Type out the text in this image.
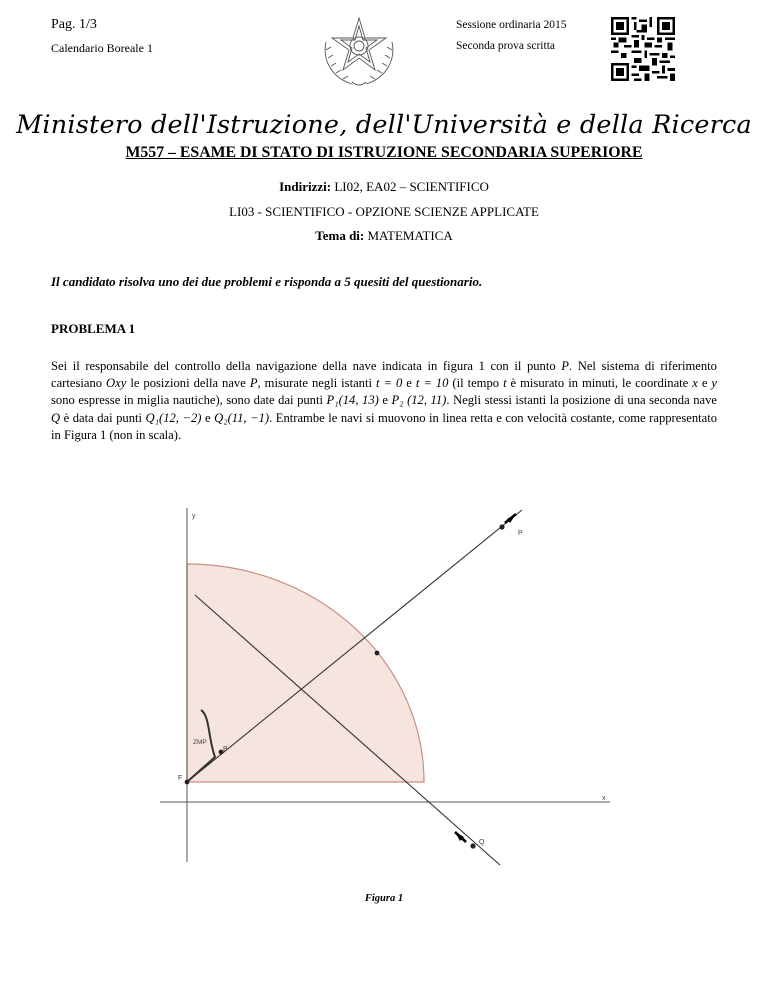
Pag. 1/3
Calendario Boreale 1
Sessione ordinaria 2015
Seconda prova scritta
Ministero dell'Istruzione, dell'Università e della Ricerca
M557 – ESAME DI STATO DI ISTRUZIONE SECONDARIA SUPERIORE
Indirizzi: LI02, EA02 – SCIENTIFICO
LI03 - SCIENTIFICO - OPZIONE SCIENZE APPLICATE
Tema di: MATEMATICA
Il candidato risolva uno dei due problemi e risponda a 5 quesiti del questionario.
PROBLEMA 1
Sei il responsabile del controllo della navigazione della nave indicata in figura 1 con il punto P. Nel sistema di riferimento cartesiano Oxy le posizioni della nave P, misurate negli istanti t = 0 e t = 10 (il tempo t è misurato in minuti, le coordinate x e y sono espresse in miglia nautiche), sono date dai punti P₁(14, 13) e P₂ (12, 11). Negli stessi istanti la posizione di una seconda nave Q è data dai punti Q₁(12, −2) e Q₂(11, −1). Entrambe le navi si muovono in linea retta e con velocità costante, come rappresentato in Figura 1 (non in scala).
y
x
P
Q
F
B
ZMP
Figura 1
